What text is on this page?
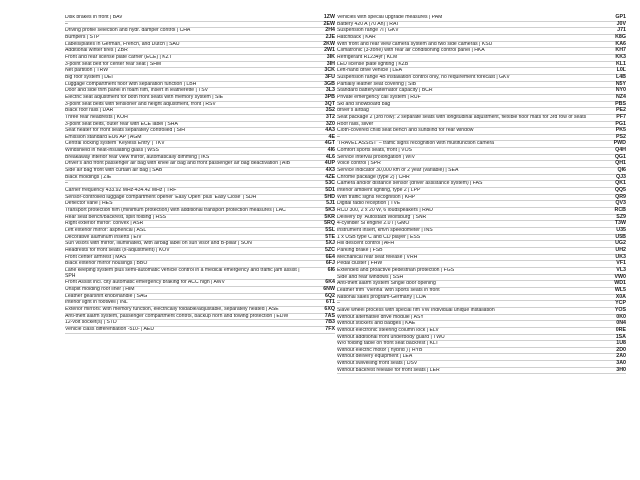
Disk brakes in front | BAV	1ZW
–	2EW
Driving profile selection and hydr. damper control | CHA	2H4
Bumpers | STP	2JE
Labels/plates in German, French, and Dutch | SAU	2KW
Additional winter tires | ZBR	2W1
Front and rear license plate carrier (ECE) | KZT	3IK
3-point seat belt for center rear seat | SHM	3IH
Net partition | TRW	3CK
Big roof system | DEI	3FU
Luggage compartment floor with separation function | LBH	3GB
Door and side trim panel in foam film, insert in leatherette | TSV	3L3
Electric seat adjustment for both front seats with memory system | SIE	3PB
3-point seat belts with tensioner and height adjustment, front | RSV	3QT
Black roof rails | DAR	3S2
Three rear headrests | KOH	3T2
3-point seat belts, outer rear with ECE label | SHA	3Z0
Seat heater for front seats separately controlled | SIH	4A3
Emission standard EU6 AP | AGM	4E
Central locking system 'Keyless Entry' | TKV	4GT
Windshield in heat-insulating glass | WSS	4I6
Breakaway interior rear view mirror, automatically dimming | IKS	4L6
Driver's and front passenger air bag with knee air bag and front passenger air bag deactivation | AIB	4UP
Side air bag front with curtain air bag | SAB	4X3
Black moldings | ZIE	4ZE
–	53C
Carrier frequency 433.92 MHz-434.42 MHz | TRF	5D1
Sensor-controlled luggage compartment opener 'Easy Open' plus 'Easy Close' | SDH	5HD
Deflector vane | HES	5J1
Transport protection film (minimum protection) with additional transport protection measures | LAC	5K3
Rear seat bench/backrest, split folding | HSS	5KR
Right exterior mirror: convex | ASR	5RQ
Left exterior mirror: aspherical | ASL	5SL
Decorative aluminum inserts | EIV	5TE
Sun visors with mirror, illuminated, with airbag label on sun visor and B-pillar | SON	5XJ
Headrests for front seats (x-adjustment) | KOV	5ZC
Front center armrest | MAS	6E4
Black exterior mirror housings | BBO	6FJ
Lane keeping system plus semi-automatic vehicle control in a medical emergency and traffic jam assist | SPH
6I6
Front Assist incl. city automatic emergency braking for ACC high | AWV	6K4
Unspilt molding roof liner | HIM	6NW
Leather gearshift knob/handle | SAG	6Q2
Interior light in footwell | INL	6T1
Exterior mirrors: with memory function, electrically foldable/adjustable, separately heated | ASE	6XQ
Anti-theft alarm system, passenger compartment control, backup horn and towing protection | EDW	7AS
12-volt socket(s) | STD	7B3
Vehicle class differentiation -510- | AED	7FX
Vehicles with special upgrade measures | PAM	GP1
Battery 420 A (70 Ah) | RAT	J0V
Suspension range 7I | GKV	J71
Hatchback | KAR	K8G
With front and rear view camera system and two side cameras | KSU	KA6
Climatronic (3-zone) with rear air conditioning control panel | HKA	KH7
Refrigerant R1234yf | KLM	KK3
LED license plate lighting | KZB	KL1
Left-hand drive vehicle | LEA	L0L
Suspension range 4B installation control only, no requirement forecast | GKV	L4B
Partially leather seat covering | SIB	N5Y
Standard battery/alternator capacity | BCR	NY0
Private emergency call system | RUF	NZ4
Ski and snowboard bag	PBS
driver's airbag	PE2
Seat package 2 (3rd row): 2 separate seats with longitudinal adjustment, flexible floor mats for 3rd row of seats	PF7
Roof rails, silver	PG1
Cloth-covered child seat bench and sunblind for rear window	PK5
–	PS2
'TRAVEL ASSIST' – traffic signs recognition with multifunction camera	PWD
Comfort sports seats, front | VOS	Q4H
Service interval prolongation | WIV	QG1
Voice control | SPR	QH1
Service indicator 30,000 km or 2 year (variable) | SEA	QI6
Chrome package (type 2) | CHR	QJ3
Camera and/or distance sensor (driver assistance system) | FAS	QK1
Interior ambient lighting, type 2 | LPP	QQ5
With traffic signs recognition | KHP	QR9
Digital radio reception | TVE	QV3
RCD 300, 2 x 20 W, 6 loudspeakers | RAD	RCB
Delivery by 'Autostadt Wolfsburg' | SNR	SZ9
4-cylinder SI engine 2.0 l | GMO	T3W
Instrument insert, km/h speedometer | INS	U35
1 x USB type C and CD player | ESS	U5B
Hill descent control | AFH	UG2
Parking brake | FSB	UH2
Mechanical rear seat release | VRH	UK3
Pedal cluster | FHW	VF1
Extended and proactive pedestrian protection | FGS	VL3
Side and rear windows | SSH	VW0
Anti-theft alarm system Single door opening	WD1
Leather trim 'Vienna' with sports seats in front	WL5
National sales program-Germany | LDA	X0A
–	YCP
Slave wheel process with special rim VW Individual unique installation	YOS
Without alternative drive module | ASY	0K0
Without stickers and badges | KAE	0N4
Without electronic steering column lock | ELV	0RE
Without additional front underbody guard | TWU	1SA
W/o folding table on front seat backrest | KLT	1U8
Without electric motor ( hybrid ) | HYB	2D0
Without delivery equipment | LEA	2A0
Without swivelling front seats | DSV	3A0
Without backrest release for front seats | LER	3H0
